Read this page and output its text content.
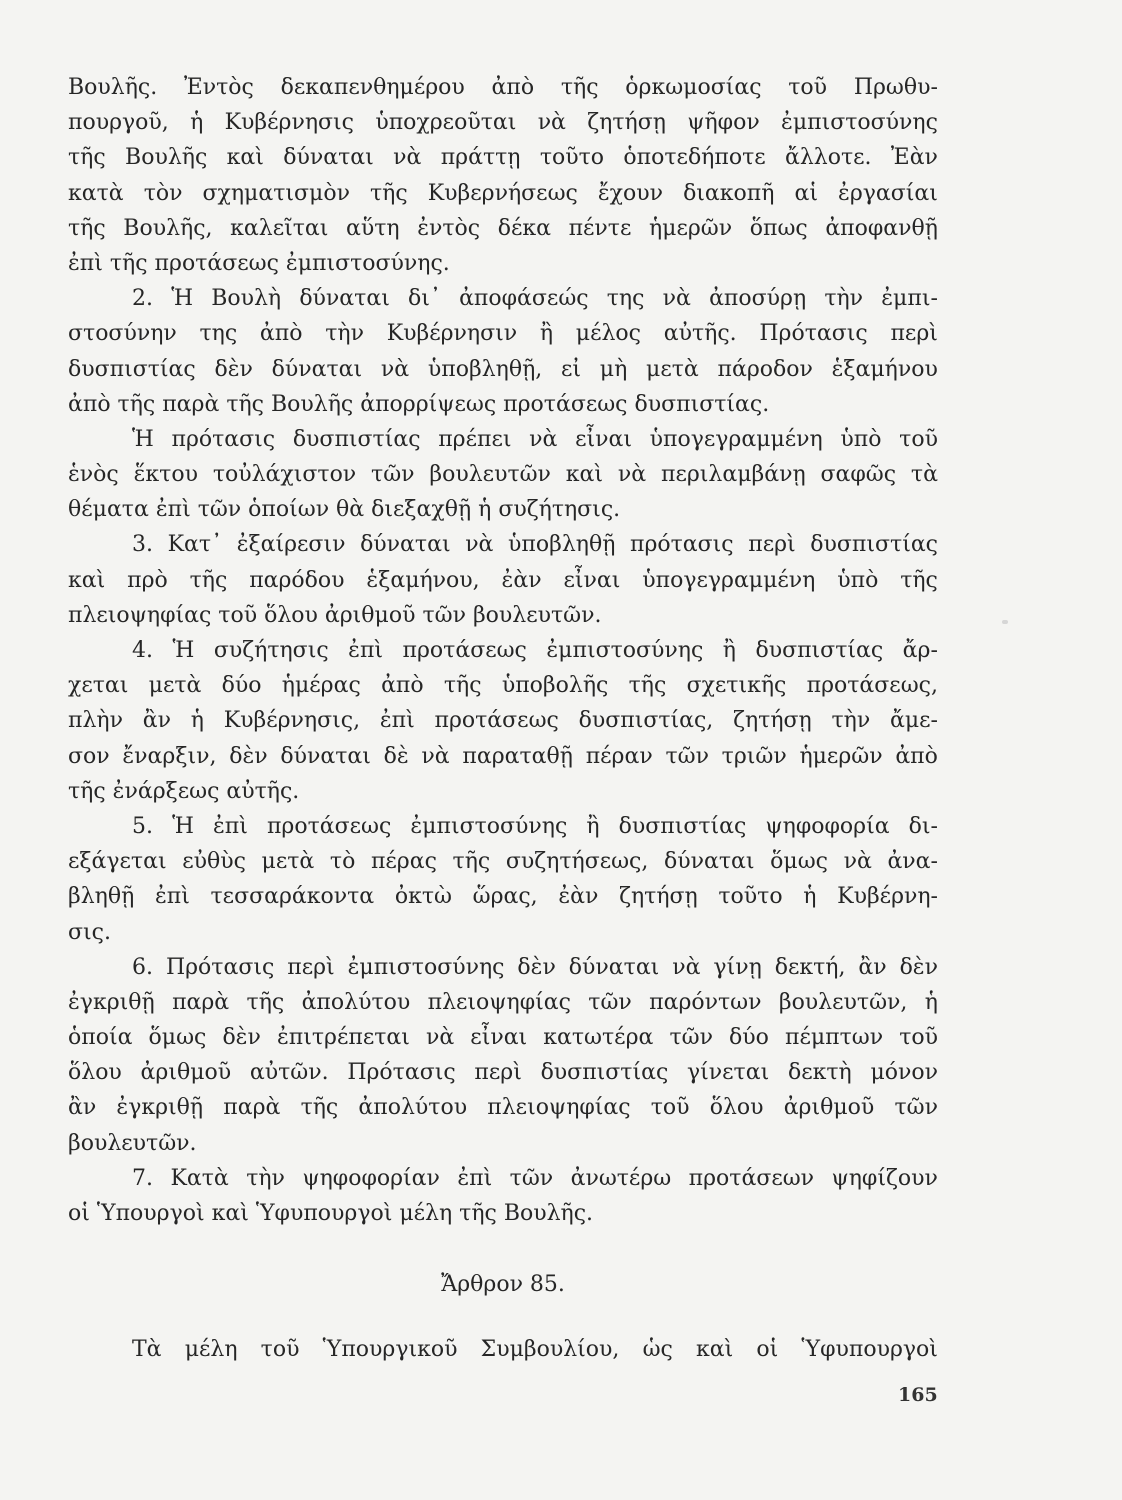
Βουλῆς. Ἐντὸς δεκαπενθημέρου ἀπὸ τῆς ὁρκωμοσίας τοῦ Πρωθυ-
πουργοῦ, ἡ Κυβέρνησις ὑποχρεοῦται νὰ ζητήσῃ ψῆφον ἐμπιστοσύνης
τῆς Βουλῆς καὶ δύναται νὰ πράττῃ τοῦτο ὁποτεδήποτε ἄλλοτε. Ἐὰν
κατὰ τὸν σχηματισμὸν τῆς Κυβερνήσεως ἔχουν διακοπῆ αἱ ἐργασίαι
τῆς Βουλῆς, καλεῖται αὕτη ἐντὸς δέκα πέντε ἡμερῶν ὅπως ἀποφανθῇ
ἐπὶ τῆς προτάσεως ἐμπιστοσύνης.
2. Ἡ Βουλὴ δύναται δι᾽ ἀποφάσεώς της νὰ ἀποσύρῃ τὴν ἐμπι-
στοσύνην της ἀπὸ τὴν Κυβέρνησιν ἢ μέλος αὐτῆς. Πρότασις περὶ
δυσπιστίας δὲν δύναται νὰ ὑποβληθῇ, εἰ μὴ μετὰ πάροδον ἑξαμήνου
ἀπὸ τῆς παρὰ τῆς Βουλῆς ἀπορρίψεως προτάσεως δυσπιστίας.
Ἡ πρότασις δυσπιστίας πρέπει νὰ εἶναι ὑπογεγραμμένη ὑπὸ τοῦ
ἑνὸς ἕκτου τοὐλάχιστον τῶν βουλευτῶν καὶ νὰ περιλαμβάνῃ σαφῶς τὰ
θέματα ἐπὶ τῶν ὁποίων θὰ διεξαχθῇ ἡ συζήτησις.
3. Κατ᾽ ἐξαίρεσιν δύναται νὰ ὑποβληθῇ πρότασις περὶ δυσπιστίας
καὶ πρὸ τῆς παρόδου ἑξαμήνου, ἐὰν εἶναι ὑπογεγραμμένη ὑπὸ τῆς
πλειοψηφίας τοῦ ὅλου ἀριθμοῦ τῶν βουλευτῶν.
4. Ἡ συζήτησις ἐπὶ προτάσεως ἐμπιστοσύνης ἢ δυσπιστίας ἄρ-
χεται μετὰ δύο ἡμέρας ἀπὸ τῆς ὑποβολῆς τῆς σχετικῆς προτάσεως,
πλὴν ἂν ἡ Κυβέρνησις, ἐπὶ προτάσεως δυσπιστίας, ζητήσῃ τὴν ἄμε-
σον ἔναρξιν, δὲν δύναται δὲ νὰ παραταθῇ πέραν τῶν τριῶν ἡμερῶν ἀπὸ
τῆς ἐνάρξεως αὐτῆς.
5. Ἡ ἐπὶ προτάσεως ἐμπιστοσύνης ἢ δυσπιστίας ψηφοφορία δι-
εξάγεται εὐθὺς μετὰ τὸ πέρας τῆς συζητήσεως, δύναται ὅμως νὰ ἀνα-
βληθῇ ἐπὶ τεσσαράκοντα ὀκτὼ ὥρας, ἐὰν ζητήσῃ τοῦτο ἡ Κυβέρνη-
σις.
6. Πρότασις περὶ ἐμπιστοσύνης δὲν δύναται νὰ γίνῃ δεκτή, ἂν δὲν
ἐγκριθῇ παρὰ τῆς ἀπολύτου πλειοψηφίας τῶν παρόντων βουλευτῶν, ἡ
ὁποία ὅμως δὲν ἐπιτρέπεται νὰ εἶναι κατωτέρα τῶν δύο πέμπτων τοῦ
ὅλου ἀριθμοῦ αὐτῶν. Πρότασις περὶ δυσπιστίας γίνεται δεκτὴ μόνον
ἂν ἐγκριθῇ παρὰ τῆς ἀπολύτου πλειοψηφίας τοῦ ὅλου ἀριθμοῦ τῶν
βουλευτῶν.
7. Κατὰ τὴν ψηφοφορίαν ἐπὶ τῶν ἀνωτέρω προτάσεων ψηφίζουν
οἱ Ὑπουργοὶ καὶ Ὑφυπουργοὶ μέλη τῆς Βουλῆς.
Ἄρθρον 85.
Τὰ μέλη τοῦ Ὑπουργικοῦ Συμβουλίου, ὡς καὶ οἱ Ὑφυπουργοὶ
165
